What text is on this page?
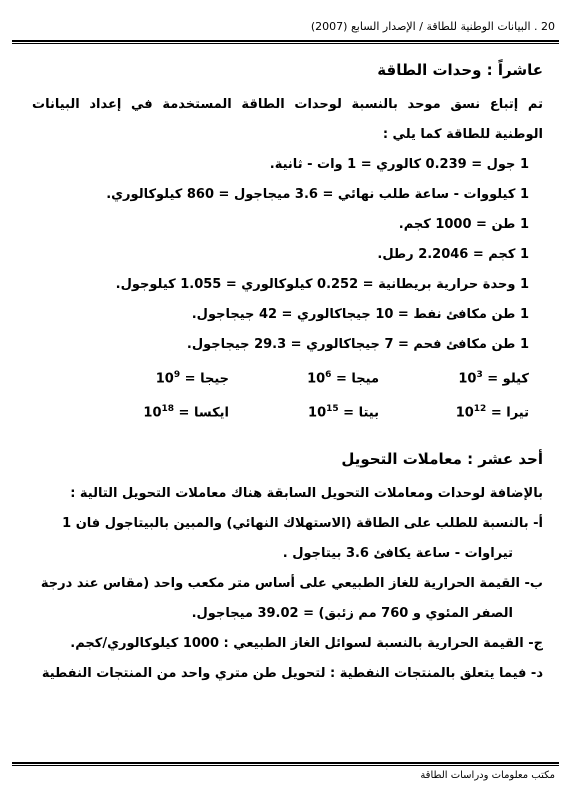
20 . البيانات الوطنية للطاقة / الإصدار السابع (2007)
عاشراً : وحدات الطاقة
تم إتباع نسق موحد بالنسبة لوحدات الطاقة المستخدمة في إعداد البيانات الوطنية للطاقة كما يلي :
1 جول = 0.239 كالوري = 1 وات - ثانية.
1 كيلووات - ساعة طلب نهائي = 3.6 ميجاجول = 860 كيلوكالوري.
1 طن = 1000 كجم.
1 كجم = 2.2046 رطل.
1 وحدة حرارية بريطانية = 0.252 كيلوكالوري = 1.055 كيلوجول.
1 طن مكافئ نفط = 10 جيجاكالوري = 42 جيجاجول.
1 طن مكافئ فحم = 7 جيجاكالوري = 29.3 جيجاجول.
كيلو = $10^3$
ميجا = $10^6$
جيجا = $10^9$
تيرا = $10^{12}$
بيتا = $10^{15}$
ايكسا = $10^{18}$
أحد عشر : معاملات التحويل
بالإضافة لوحدات ومعاملات التحويل السابقة هناك معاملات التحويل التالية :
أ- بالنسبة للطلب على الطاقة (الاستهلاك النهائي) والمبين بالبيتاجول فان 1
تيراوات - ساعة يكافئ 3.6 بيتاجول .
ب- القيمة الحرارية للغاز الطبيعي على أساس متر مكعب واحد (مقاس عند درجة
الصفر المئوي و 760 مم زئبق) = 39.02 ميجاجول.
ج- القيمة الحرارية بالنسبة لسوائل الغاز الطبيعي : 1000 كيلوكالوري/كجم.
د- فيما يتعلق بالمنتجات النفطية : لتحويل طن متري واحد من المنتجات النفطية
مكتب معلومات ودراسات الطاقة
